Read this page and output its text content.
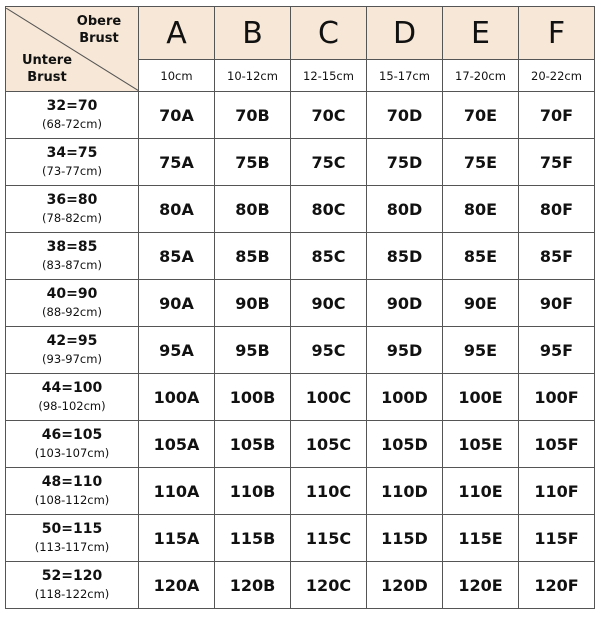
Obere
Brust
Untere
Brust	A	B	C	D	E	F
	10cm	10-12cm	12-15cm	15-17cm	17-20cm	20-22cm

32=70
(68-72cm)	70A	70B	70C	70D	70E	70F

34=75
(73-77cm)	75A	75B	75C	75D	75E	75F

36=80
(78-82cm)	80A	80B	80C	80D	80E	80F

38=85
(83-87cm)	85A	85B	85C	85D	85E	85F

40=90
(88-92cm)	90A	90B	90C	90D	90E	90F

42=95
(93-97cm)	95A	95B	95C	95D	95E	95F

44=100
(98-102cm)	100A	100B	100C	100D	100E	100F

46=105
(103-107cm)	105A	105B	105C	105D	105E	105F

48=110
(108-112cm)	110A	110B	110C	110D	110E	110F

50=115
(113-117cm)	115A	115B	115C	115D	115E	115F

52=120
(118-122cm)	120A	120B	120C	120D	120E	120F
